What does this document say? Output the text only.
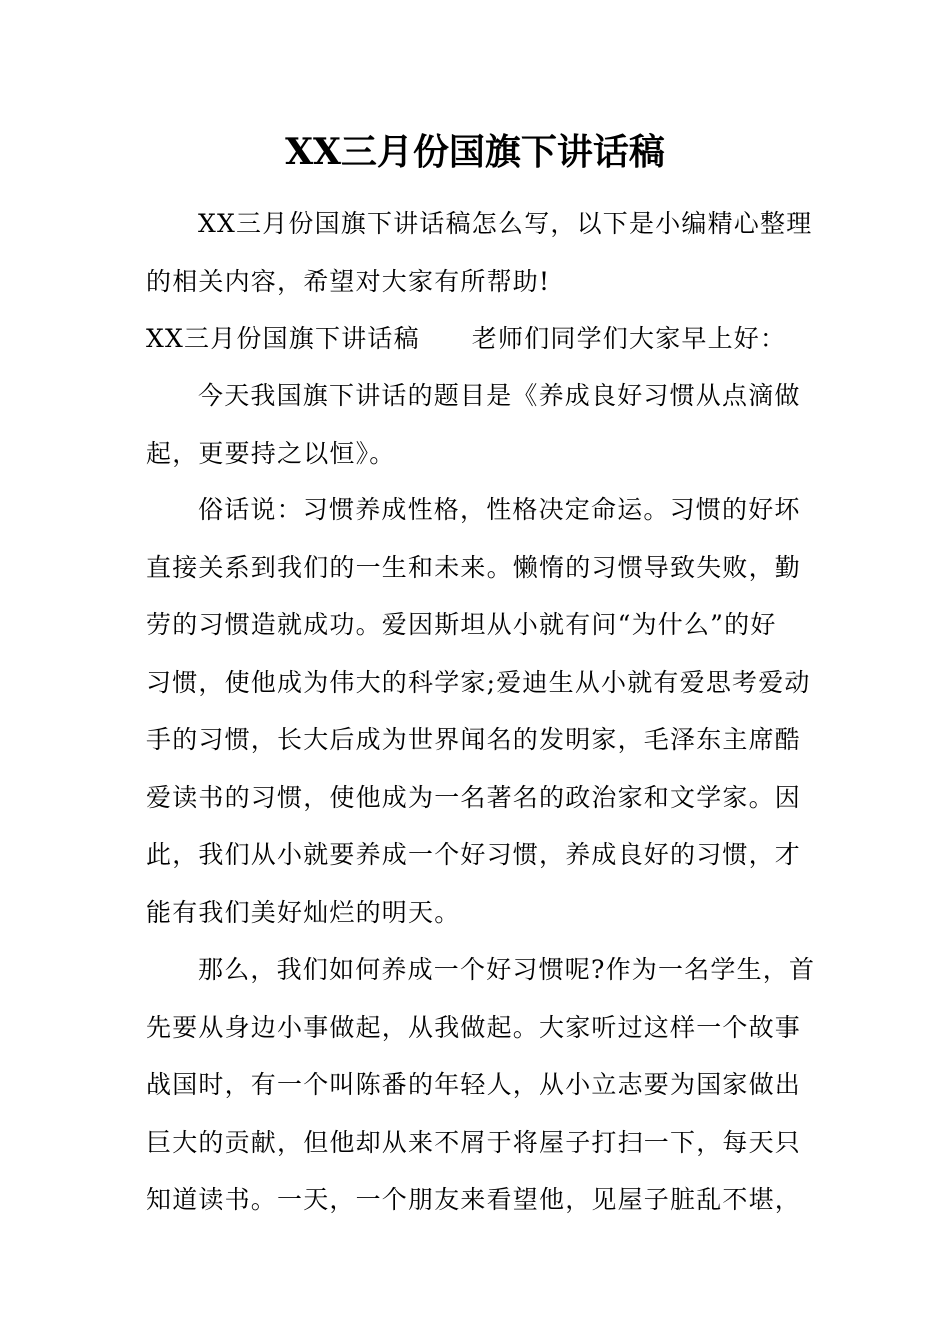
XX三月份国旗下讲话稿
XX三月份国旗下讲话稿怎么写，以下是小编精心整理
的相关内容，希望对大家有所帮助!
XX三月份国旗下讲话稿 老师们同学们大家早上好：
今天我国旗下讲话的题目是《养成良好习惯从点滴做
起，更要持之以恒》。
俗话说：习惯养成性格，性格决定命运。习惯的好坏
直接关系到我们的一生和未来。懒惰的习惯导致失败，勤
劳的习惯造就成功。爱因斯坦从小就有问“为什么”的好
习惯，使他成为伟大的科学家;爱迪生从小就有爱思考爱动
手的习惯，长大后成为世界闻名的发明家，毛泽东主席酷
爱读书的习惯，使他成为一名著名的政治家和文学家。因
此，我们从小就要养成一个好习惯，养成良好的习惯，才
能有我们美好灿烂的明天。
那么，我们如何养成一个好习惯呢?作为一名学生，首
先要从身边小事做起，从我做起。大家听过这样一个故事
战国时，有一个叫陈番的年轻人，从小立志要为国家做出
巨大的贡献，但他却从来不屑于将屋子打扫一下，每天只
知道读书。一天，一个朋友来看望他，见屋子脏乱不堪，
